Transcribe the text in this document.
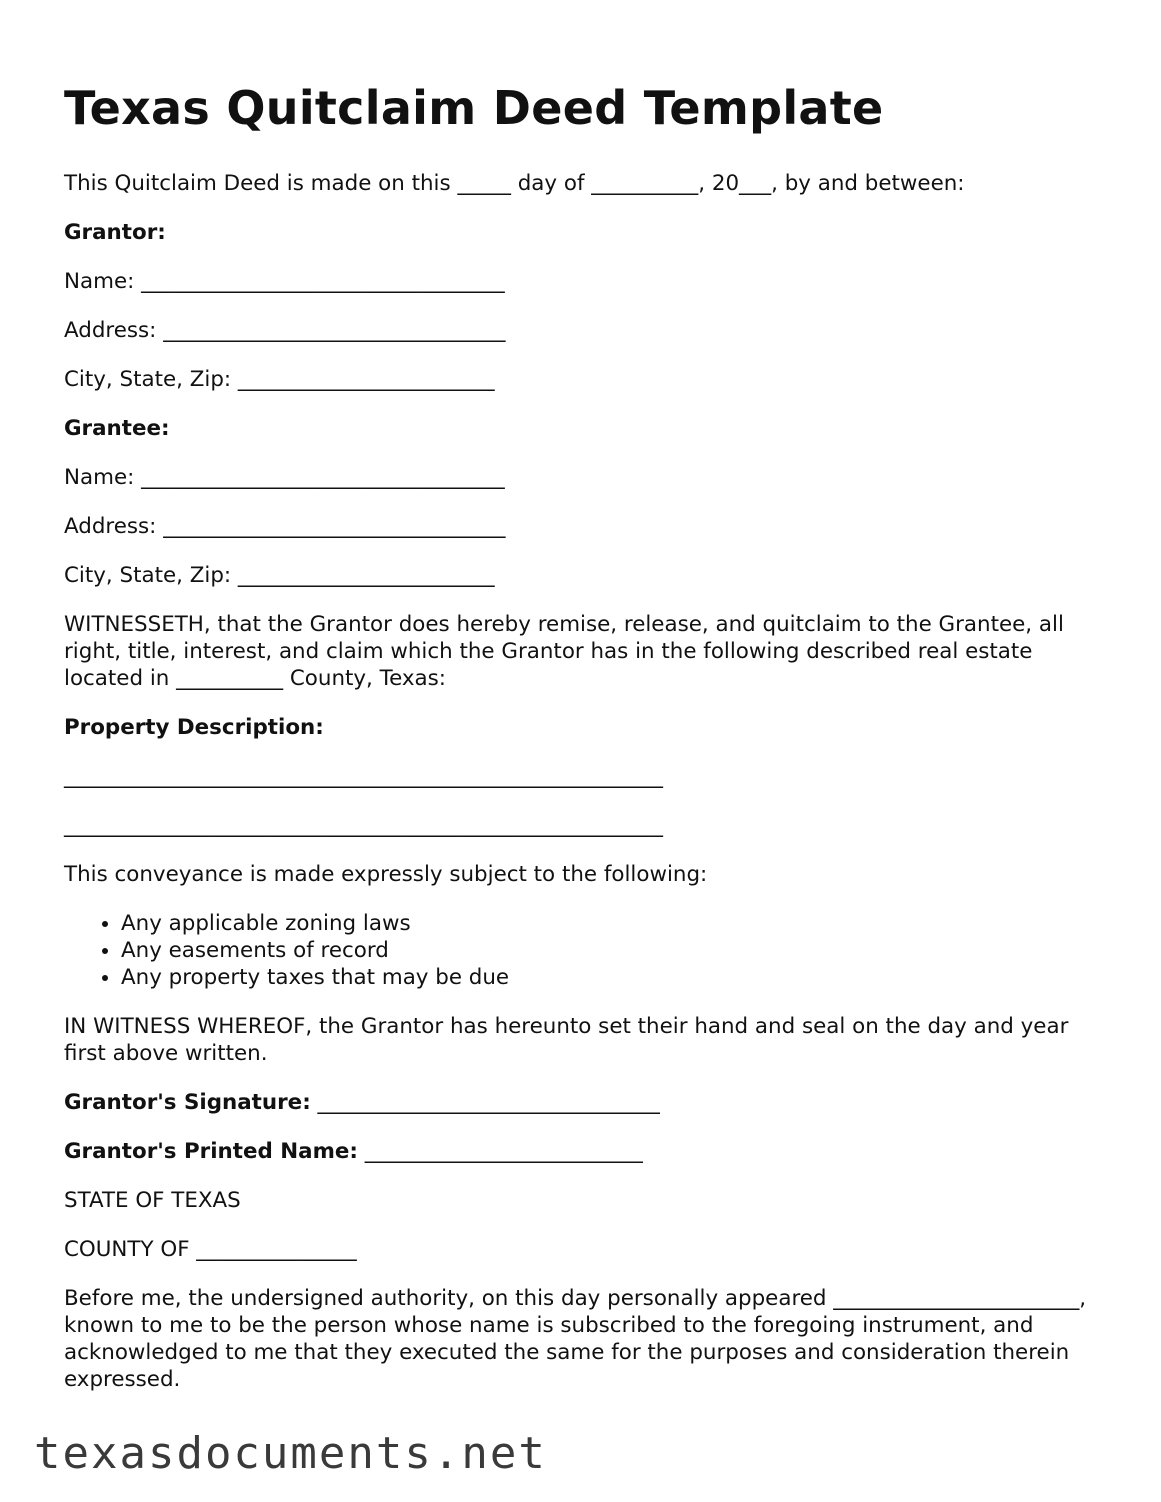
Texas Quitclaim Deed Template

This Quitclaim Deed is made on this _____ day of __________, 20___, by and between:

Grantor:

Name: __________________________________

Address: ________________________________

City, State, Zip: ________________________

Grantee:

Name: __________________________________

Address: ________________________________

City, State, Zip: ________________________

WITNESSETH, that the Grantor does hereby remise, release, and quitclaim to the Grantee, all right, title, interest, and claim which the Grantor has in the following described real estate located in __________ County, Texas:

Property Description:

________________________________________________________

________________________________________________________

This conveyance is made expressly subject to the following:

• Any applicable zoning laws
• Any easements of record
• Any property taxes that may be due

IN WITNESS WHEREOF, the Grantor has hereunto set their hand and seal on the day and year first above written.

Grantor's Signature: ________________________________

Grantor's Printed Name: __________________________

STATE OF TEXAS

COUNTY OF _______________

Before me, the undersigned authority, on this day personally appeared _______________________, known to me to be the person whose name is subscribed to the foregoing instrument, and acknowledged to me that they executed the same for the purposes and consideration therein expressed.

texasdocuments.net
